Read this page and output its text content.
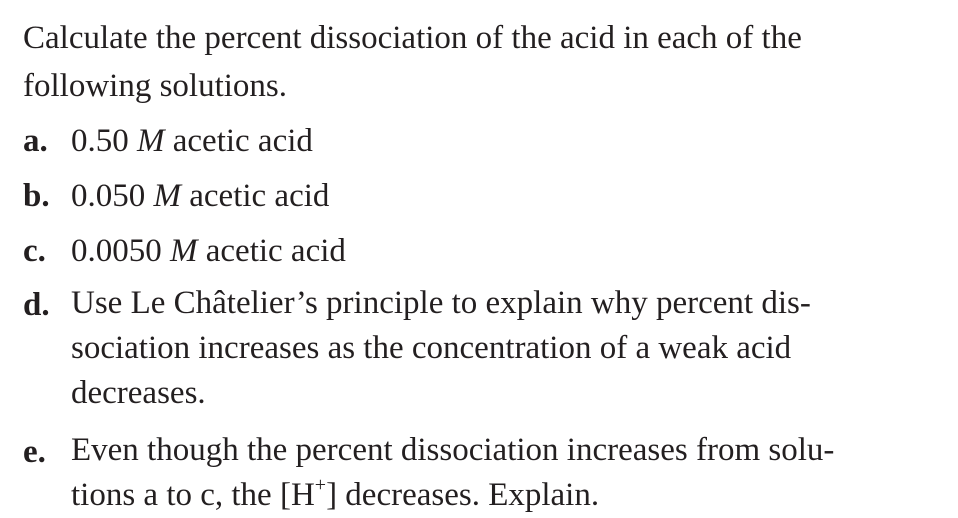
Calculate the percent dissociation of the acid in each of the
following solutions.

a. 0.50 M acetic acid
b. 0.050 M acetic acid
c. 0.0050 M acetic acid
d. Use Le Châtelier’s principle to explain why percent dis-
sociation increases as the concentration of a weak acid
decreases.
e. Even though the percent dissociation increases from solu-
tions a to c, the [H+] decreases. Explain.
